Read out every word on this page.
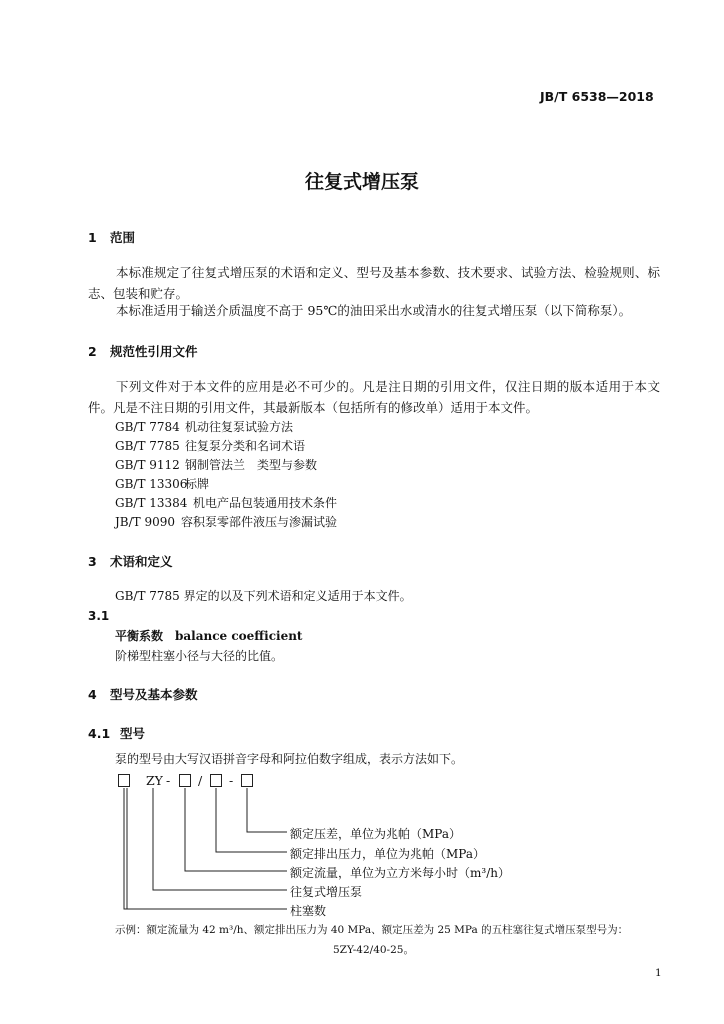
JB/T 6538—2018
往复式增压泵
1 范围
本标准规定了往复式增压泵的术语和定义、型号及基本参数、技术要求、试验方法、检验规则、标志、包装和贮存。
本标准适用于输送介质温度不高于 95℃的油田采出水或清水的往复式增压泵（以下简称泵）。
2 规范性引用文件
下列文件对于本文件的应用是必不可少的。凡是注日期的引用文件，仅注日期的版本适用于本文件。凡是不注日期的引用文件，其最新版本（包括所有的修改单）适用于本文件。
GB/T 7784 机动往复泵试验方法
GB/T 7785 往复泵分类和名词术语
GB/T 9112 钢制管法兰　类型与参数
GB/T 13306标牌
GB/T 13384 机电产品包装通用技术条件
JB/T 9090 容积泵零部件液压与渗漏试验
3 术语和定义
GB/T 7785 界定的以及下列术语和定义适用于本文件。
3.1
平衡系数　balance coefficient
阶梯型柱塞小径与大径的比值。
4 型号及基本参数
4.1 型号
泵的型号由大写汉语拼音字母和阿拉伯数字组成，表示方法如下。
ZY - / -
额定压差，单位为兆帕（MPa）
额定排出压力，单位为兆帕（MPa）
额定流量，单位为立方米每小时（m³/h）
往复式增压泵
柱塞数
示例：额定流量为 42 m³/h、额定排出压力为 40 MPa、额定压差为 25 MPa 的五柱塞往复式增压泵型号为：
5ZY-42/40-25。
1
